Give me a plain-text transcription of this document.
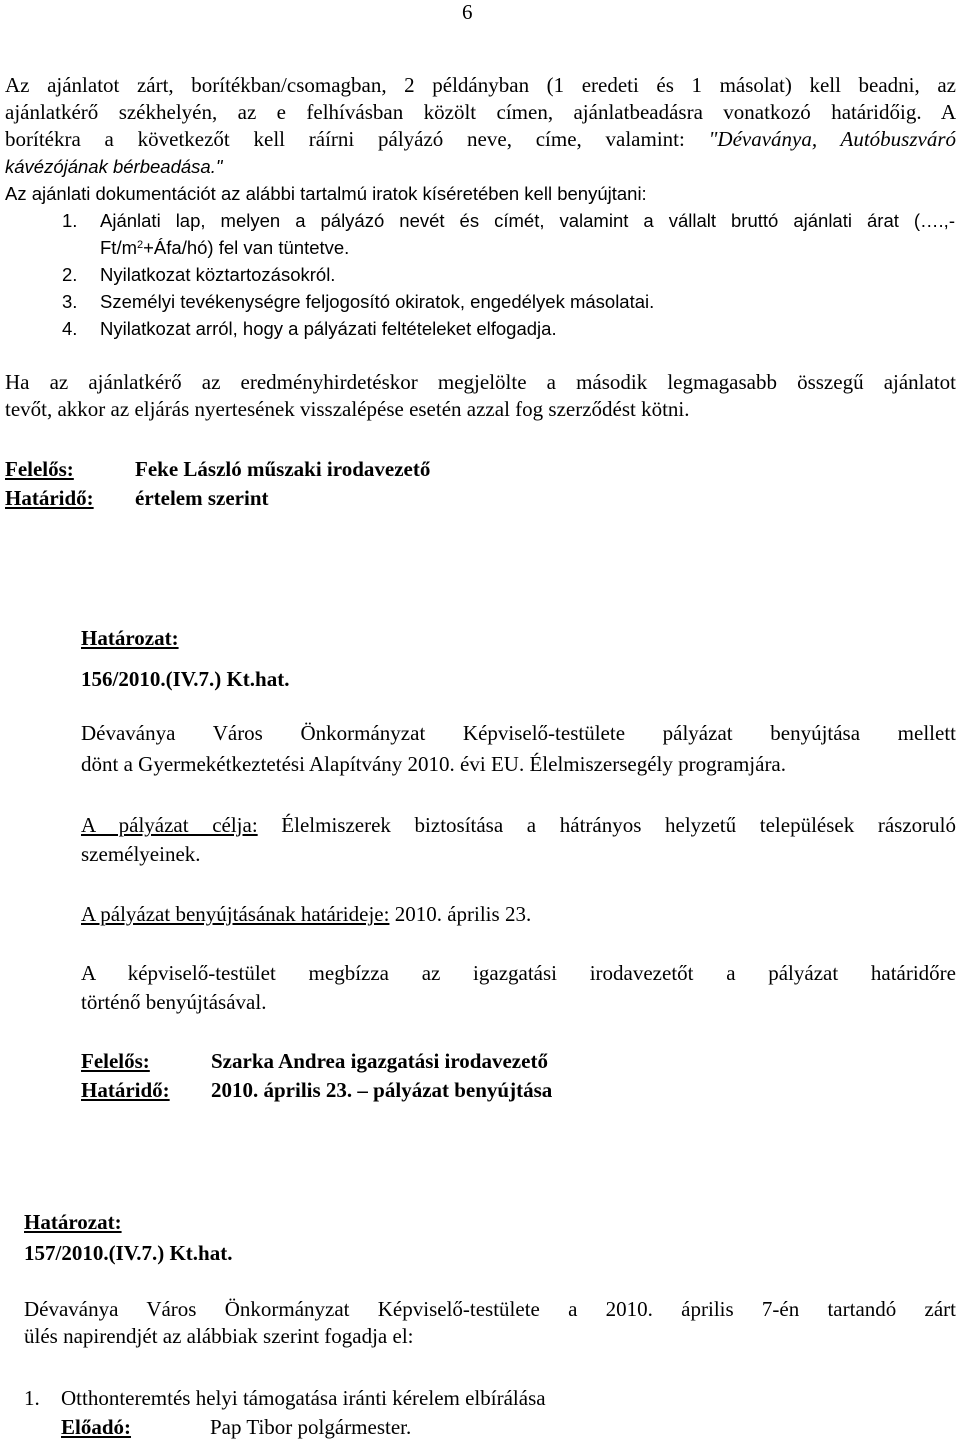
6
Az ajánlatot zárt, borítékban/csomagban, 2 példányban (1 eredeti és 1 másolat) kell beadni, az
ajánlatkérő székhelyén, az e felhívásban közölt címen, ajánlatbeadásra vonatkozó határidőig. A
borítékra a következőt kell ráírni pályázó neve, címe, valamint: "Dévaványa, Autóbuszváró
kávézójának bérbeadása."
Az ajánlati dokumentációt az alábbi tartalmú iratok kíséretében kell benyújtani:
1. Ajánlati lap, melyen a pályázó nevét és címét, valamint a vállalt bruttó ajánlati árat (….,-
$Ft/m^2+Áfa/hó$) fel van tüntetve.
2. Nyilatkozat köztartozásokról.
3. Személyi tevékenységre feljogosító okiratok, engedélyek másolatai.
4. Nyilatkozat arról, hogy a pályázati feltételeket elfogadja.
Ha az ajánlatkérő az eredményhirdetéskor megjelölte a második legmagasabb összegű ajánlatot
tevőt, akkor az eljárás nyertesének visszalépése esetén azzal fog szerződést kötni.
Felelős:	Feke László műszaki irodavezető
Határidő: értelem szerint
Határozat:
156/2010.(IV.7.) Kt.hat.
Dévaványa Város Önkormányzat Képviselő-testülete pályázat benyújtása mellett
dönt a Gyermekétkeztetési Alapítvány 2010. évi EU. Élelmiszersegély programjára.
A pályázat célja: Élelmiszerek biztosítása a hátrányos helyzetű települések rászoruló
személyeinek.
A pályázat benyújtásának határideje: 2010. április 23.
A képviselő-testület megbízza az igazgatási irodavezetőt a pályázat határidőre
történő benyújtásával.
Felelős:	Szarka Andrea igazgatási irodavezető
Határidő: 2010. április 23. – pályázat benyújtása
Határozat:
157/2010.(IV.7.) Kt.hat.
Dévaványa Város Önkormányzat Képviselő-testülete a 2010. április 7-én tartandó zárt
ülés napirendjét az alábbiak szerint fogadja el:
1. Otthonteremtés helyi támogatása iránti kérelem elbírálása
Előadó:	Pap Tibor polgármester.
